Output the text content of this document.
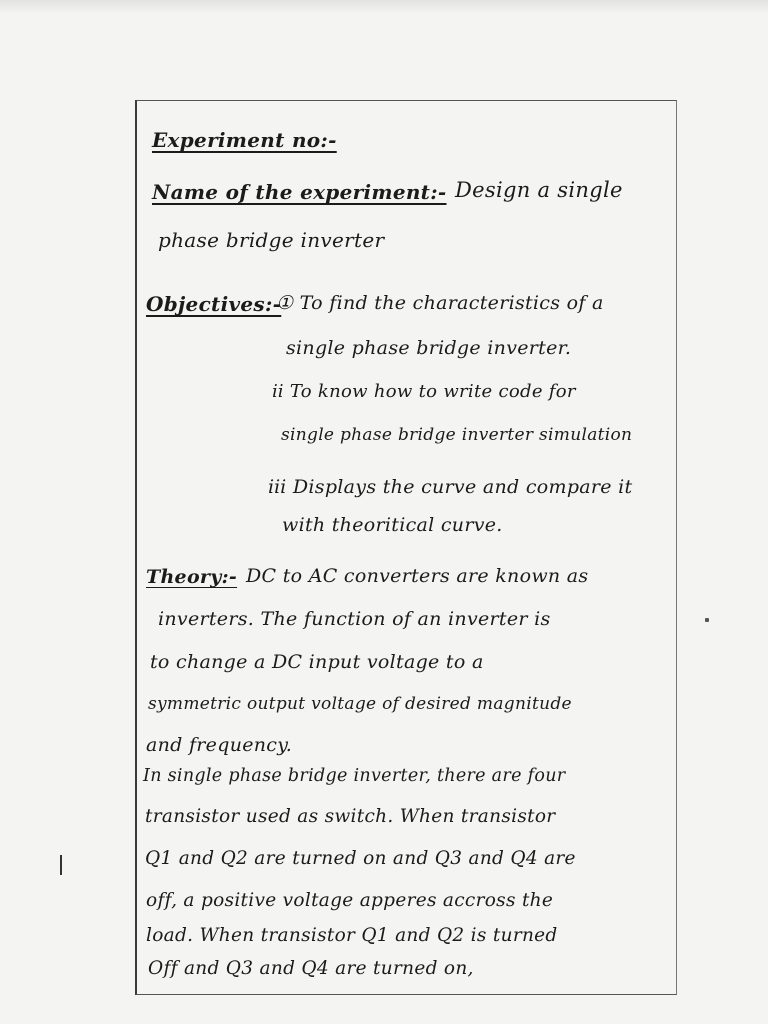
Experiment no:-
Name of the experiment:- Design a single
phase bridge inverter
Objectives:-
① To find the characteristics of a
single phase bridge inverter.
ⅱ To know how to write code for
single phase bridge inverter simulation
ⅲ Displays the curve and compare it
with theoritical curve.
Theory:- DC to AC converters are known as
inverters. The function of an inverter is
to change a DC input voltage to a
symmetric output voltage of desired magnitude
and frequency.
In single phase bridge inverter, there are four
transistor used as switch. When transistor
Q1 and Q2 are turned on and Q3 and Q4 are
off, a positive voltage apperes accross the
load. When transistor Q1 and Q2 is turned
Off and Q3 and Q4 are turned on,
